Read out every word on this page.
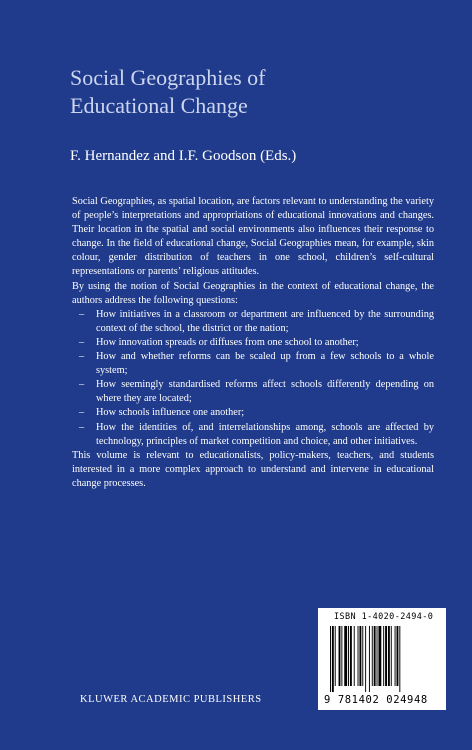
Social Geographies of
Educational Change
F. Hernandez and I.F. Goodson (Eds.)

Social Geographies, as spatial location, are factors relevant to understanding the variety of people’s interpretations and appropriations of educational innovations and changes. Their location in the spatial and social environments also influences their response to change. In the field of educational change, Social Geographies mean, for example, skin colour, gender distribution of teachers in one school, children’s self-cultural representations or parents’ religious attitudes.

By using the notion of Social Geographies in the context of educational change, the authors address the following questions:

– How initiatives in a classroom or department are influenced by the surrounding context of the school, the district or the nation;
– How innovation spreads or diffuses from one school to another;
– How and whether reforms can be scaled up from a few schools to a whole system;
– How seemingly standardised reforms affect schools differently depending on where they are located;
– How schools influence one another;
– How the identities of, and interrelationships among, schools are affected by technology, principles of market competition and choice, and other initiatives.

This volume is relevant to educationalists, policy-makers, teachers, and students interested in a more complex approach to understand and intervene in educational change processes.

ISBN 1-4020-2494-0
9 781402 024948
KLUWER ACADEMIC PUBLISHERS
